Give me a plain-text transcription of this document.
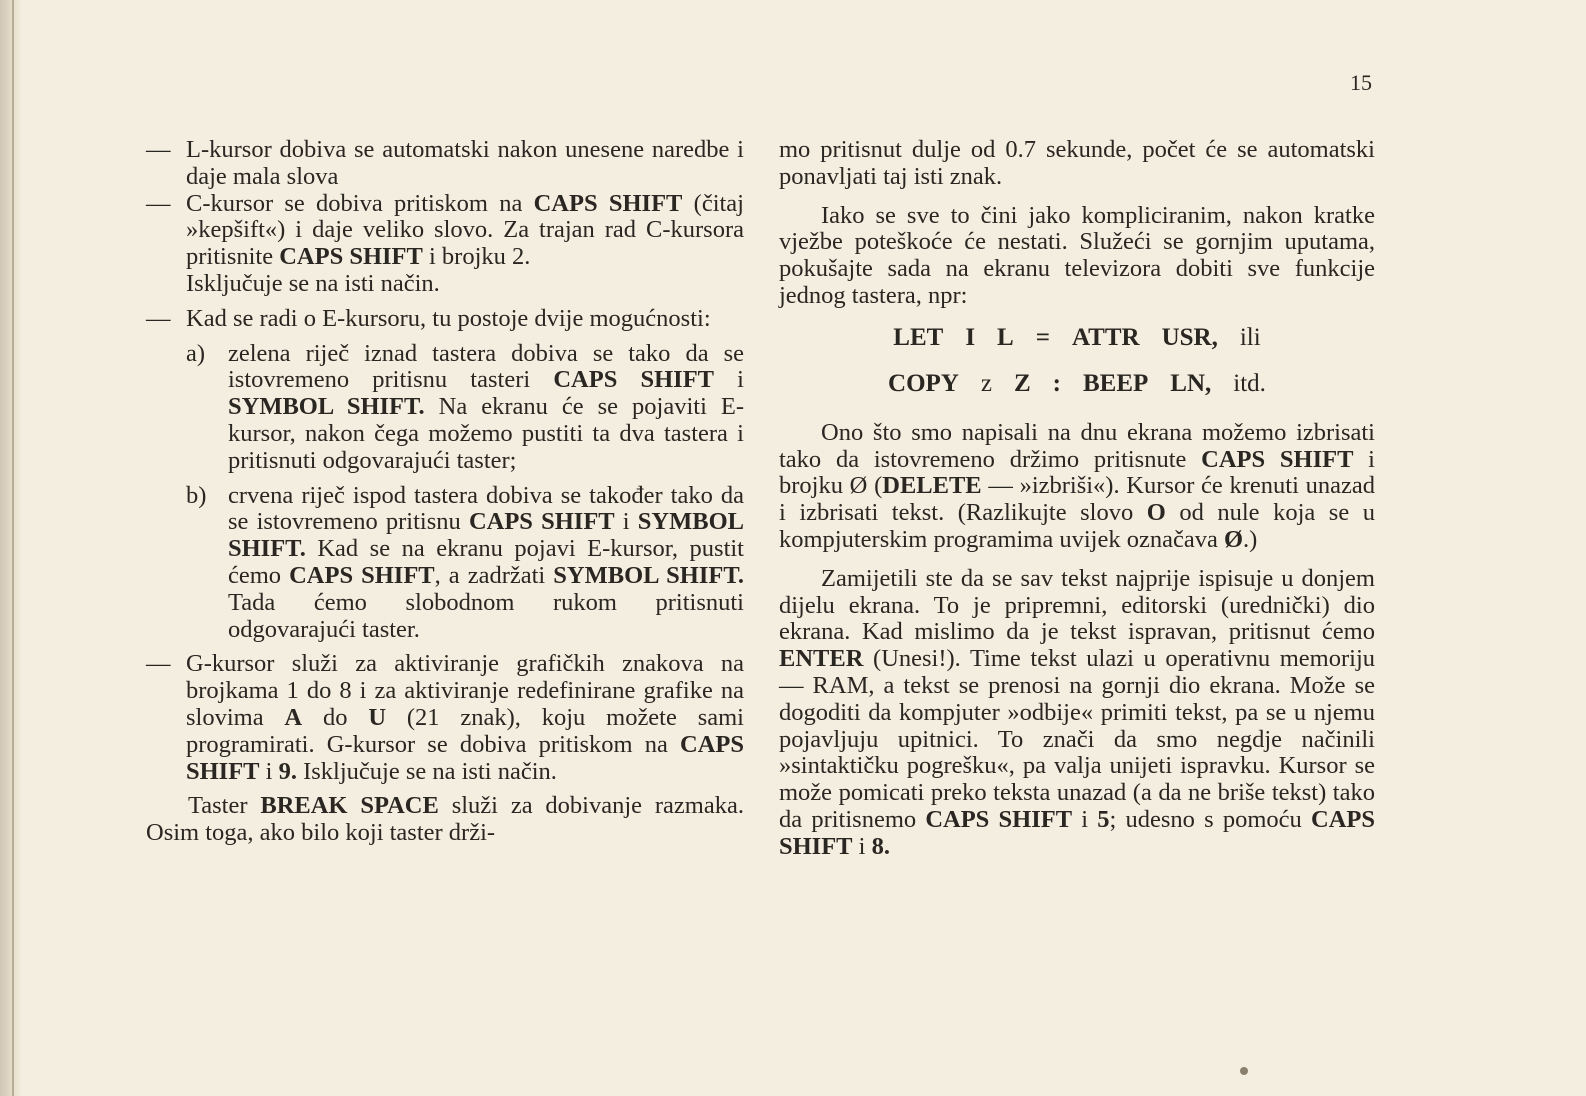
15
— L-kursor dobiva se automatski nakon unesene naredbe i daje mala slova
— C-kursor se dobiva pritiskom na CAPS SHIFT (čitaj »kepšift«) i daje veliko slovo. Za trajan rad C-kursora pritisnite CAPS SHIFT i brojku 2.
Isključuje se na isti način.
— Kad se radi o E-kursoru, tu postoje dvije mogućnosti:
a) zelena riječ iznad tastera dobiva se tako da se istovremeno pritisnu tasteri CAPS SHIFT i SYMBOL SHIFT. Na ekranu će se pojaviti E-kursor, nakon čega možemo pustiti ta dva tastera i pritisnuti odgovarajući taster;
b) crvena riječ ispod tastera dobiva se također tako da se istovremeno pritisnu CAPS SHIFT i SYMBOL SHIFT. Kad se na ekranu pojavi E-kursor, pustit ćemo CAPS SHIFT, a zadržati SYMBOL SHIFT. Tada ćemo slobodnom rukom pritisnuti odgovarajući taster.
— G-kursor služi za aktiviranje grafičkih znakova na brojkama 1 do 8 i za aktiviranje redefinirane grafike na slovima A do U (21 znak), koju možete sami programirati. G-kursor se dobiva pritiskom na CAPS SHIFT i 9. Isključuje se na isti način.
Taster BREAK SPACE služi za dobivanje razmaka. Osim toga, ako bilo koji taster drži-
mo pritisnut dulje od 0.7 sekunde, počet će se automatski ponavljati taj isti znak.
Iako se sve to čini jako kompliciranim, nakon kratke vježbe poteškoće će nestati. Služeći se gornjim uputama, pokušajte sada na ekranu televizora dobiti sve funkcije jednog tastera, npr:
LET I L = ATTR USR, ili
COPY z Z : BEEP LN, itd.
Ono što smo napisali na dnu ekrana možemo izbrisati tako da istovremeno držimo pritisnute CAPS SHIFT i brojku Ø (DELETE — »izbriši«). Kursor će krenuti unazad i izbrisati tekst. (Razlikujte slovo O od nule koja se u kompjuterskim programima uvijek označava Ø.)
Zamijetili ste da se sav tekst najprije ispisuje u donjem dijelu ekrana. To je pripremni, editorski (urednički) dio ekrana. Kad mislimo da je tekst ispravan, pritisnut ćemo ENTER (Unesi!). Time tekst ulazi u operativnu memoriju — RAM, a tekst se prenosi na gornji dio ekrana. Može se dogoditi da kompjuter »odbije« primiti tekst, pa se u njemu pojavljuju upitnici. To znači da smo negdje načinili »sintaktičku pogrešku«, pa valja unijeti ispravku. Kursor se može pomicati preko teksta unazad (a da ne briše tekst) tako da pritisnemo CAPS SHIFT i 5; udesno s pomoću CAPS SHIFT i 8.
